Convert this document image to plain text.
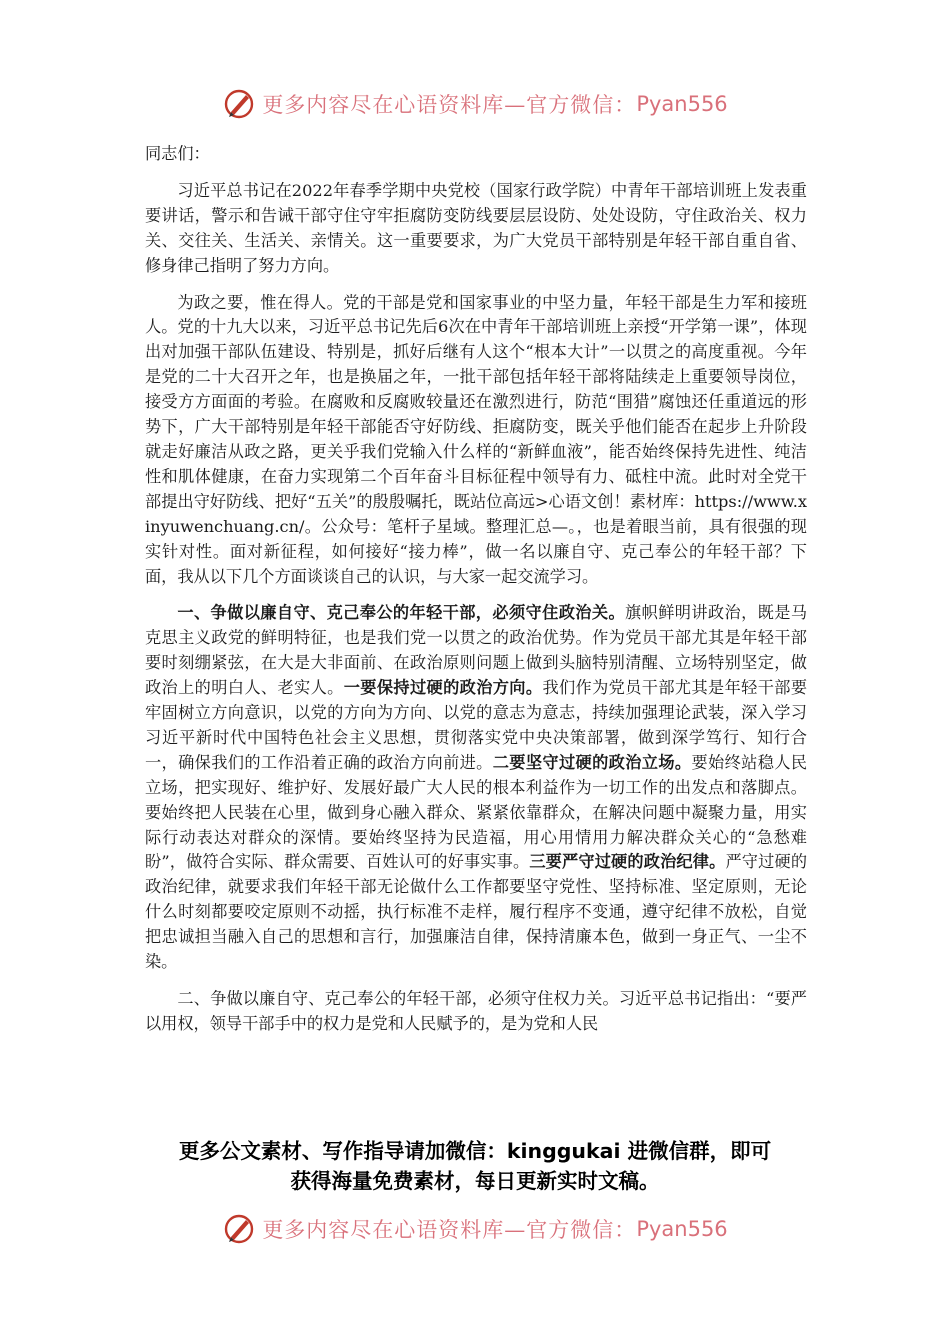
更多内容尽在心语资料库—官方微信： Pyan556

同志们：

习近平总书记在2022年春季学期中央党校（国家行政学院）中青年干部培训班上发表重要讲话，警示和告诫干部守住守牢拒腐防变防线要层层设防、处处设防，守住政治关、权力关、交往关、生活关、亲情关。这一重要要求，为广大党员干部特别是年轻干部自重自省、修身律己指明了努力方向。

为政之要，惟在得人。党的干部是党和国家事业的中坚力量，年轻干部是生力军和接班人。党的十九大以来，习近平总书记先后6次在中青年干部培训班上亲授“开学第一课”，体现出对加强干部队伍建设、特别是，抓好后继有人这个“根本大计”一以贯之的高度重视。今年是党的二十大召开之年，也是换届之年，一批干部包括年轻干部将陆续走上重要领导岗位，接受方方面面的考验。在腐败和反腐败较量还在激烈进行，防范“围猎”腐蚀还任重道远的形势下，广大干部特别是年轻干部能否守好防线、拒腐防变，既关乎他们能否在起步上升阶段就走好廉洁从政之路，更关乎我们党输入什么样的“新鲜血液”，能否始终保持先进性、纯洁性和肌体健康，在奋力实现第二个百年奋斗目标征程中领导有力、砥柱中流。此时对全党干部提出守好防线、把好“五关”的殷殷嘱托，既站位高远>心语文创！素材库：https://www.xinyuwenchuang.cn/。公众号：笔杆子星域。整理汇总—。，也是着眼当前，具有很强的现实针对性。面对新征程，如何接好“接力棒”，做一名以廉自守、克己奉公的年轻干部？下面，我从以下几个方面谈谈自己的认识，与大家一起交流学习。

一、争做以廉自守、克己奉公的年轻干部，必须守住政治关。旗帜鲜明讲政治，既是马克思主义政党的鲜明特征，也是我们党一以贯之的政治优势。作为党员干部尤其是年轻干部要时刻绷紧弦，在大是大非面前、在政治原则问题上做到头脑特别清醒、立场特别坚定，做政治上的明白人、老实人。一要保持过硬的政治方向。我们作为党员干部尤其是年轻干部要牢固树立方向意识，以党的方向为方向、以党的意志为意志，持续加强理论武装，深入学习习近平新时代中国特色社会主义思想，贯彻落实党中央决策部署，做到深学笃行、知行合一，确保我们的工作沿着正确的政治方向前进。二要坚守过硬的政治立场。要始终站稳人民立场，把实现好、维护好、发展好最广大人民的根本利益作为一切工作的出发点和落脚点。要始终把人民装在心里，做到身心融入群众、紧紧依靠群众，在解决问题中凝聚力量，用实际行动表达对群众的深情。要始终坚持为民造福，用心用情用力解决群众关心的“急愁难盼”，做符合实际、群众需要、百姓认可的好事实事。三要严守过硬的政治纪律。严守过硬的政治纪律，就要求我们年轻干部无论做什么工作都要坚守党性、坚持标准、坚定原则，无论什么时刻都要咬定原则不动摇，执行标准不走样，履行程序不变通，遵守纪律不放松，自觉把忠诚担当融入自己的思想和言行，加强廉洁自律，保持清廉本色，做到一身正气、一尘不染。

二、争做以廉自守、克己奉公的年轻干部，必须守住权力关。习近平总书记指出：“要严以用权，领导干部手中的权力是党和人民赋予的，是为党和人民

更多公文素材、写作指导请加微信：kinggukai 进微信群，即可
获得海量免费素材，每日更新实时文稿。
更多内容尽在心语资料库—官方微信： Pyan556
